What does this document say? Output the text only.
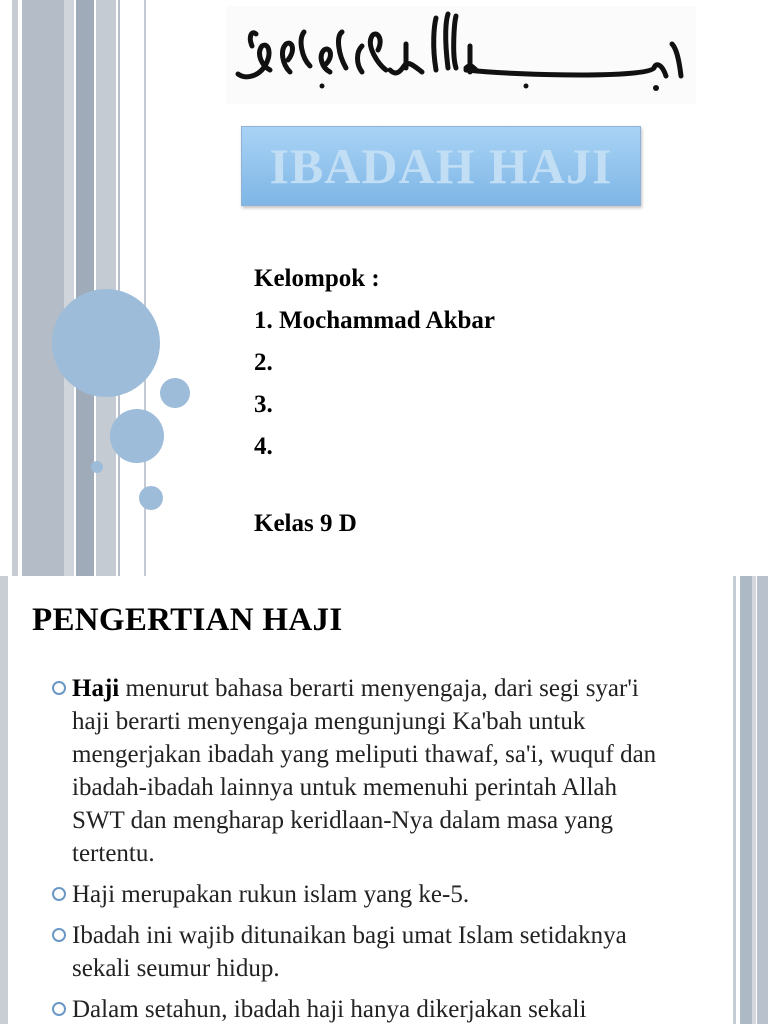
IBADAH HAJI
Kelompok :
1. Mochammad Akbar
2.
3.
4.
Kelas 9 D
PENGERTIAN HAJI
Haji menurut bahasa berarti menyengaja, dari segi syar'i haji berarti menyengaja mengunjungi Ka'bah untuk mengerjakan ibadah yang meliputi thawaf, sa'i, wuquf dan ibadah-ibadah lainnya untuk memenuhi perintah Allah SWT dan mengharap keridlaan-Nya dalam masa yang tertentu.
Haji merupakan rukun islam yang ke-5.
Ibadah ini wajib ditunaikan bagi umat Islam setidaknya sekali seumur hidup.
Dalam setahun, ibadah haji hanya dikerjakan sekali
